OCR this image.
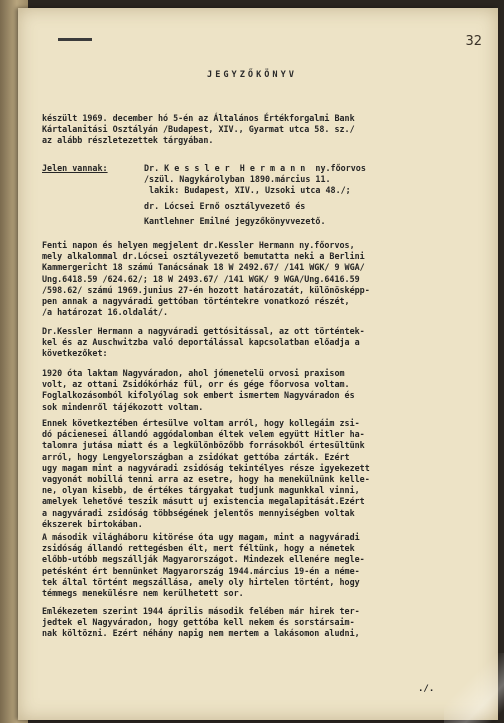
32
JEGYZŐKÖNYV
készült 1969. december hó 5-én az Általános Értékforgalmi Bank
Kártalanitási Osztályán /Budapest, XIV., Gyarmat utca 58. sz./
az alább részletezettek tárgyában.
Jelen vannak:	Dr. K e s s l e r  H e r m a n n  ny.főorvos
/szül. Nagykárolyban 1890.március 11.
lakik: Budapest, XIV., Uzsoki utca 48./;
dr. Lócsei Ernő osztályvezető és
Kantlehner Emilné jegyzőkönyvvezető.
Fenti napon és helyen megjelent dr.Kessler Hermann ny.főorvos,
mely alkalommal dr.Lócsei osztályvezető bemutatta neki a Berlini
Kammergericht 18 számú Tanácsának 18 W 2492.67/ /141 WGK/ 9 WGA/
Ung.6418.59 /624.62/; 18 W 2493.67/ /141 WGK/ 9 WGA/Ung.6416.59
/598.62/ számú 1969.junius 27-én hozott határozatát, különösképp-
pen annak a nagyváradi gettóban történtekre vonatkozó részét,
/a határozat 16.oldalát/.
Dr.Kessler Hermann a nagyváradi gettósitással, az ott történtek-
kel és az Auschwitzba való deportálással kapcsolatban előadja a
következőket:
1920 óta laktam Nagyváradon, ahol jómenetelü orvosi praxisom
volt, az ottani Zsidókórház fül, orr és gége főorvosa voltam.
Foglalkozásomból kifolyólag sok embert ismertem Nagyváradon és
sok mindenről tájékozott voltam.
Ennek következtében értesülve voltam arról, hogy kollegáim zsi-
dó pácienesei állandó aggódalomban éltek velem együtt Hitler ha-
talomra jutása miatt és a legkülönbözőbb forrásokból értesültünk
arról, hogy Lengyelországban a zsidókat gettóba zárták. Ezért
ugy magam mint a nagyváradi zsidóság tekintélyes része igyekezett
vagyonát mobillá tenni arra az esetre, hogy ha menekülnünk kelle-
ne, olyan kisebb, de értékes tárgyakat tudjunk magunkkal vinni,
amelyek lehetővé teszik másutt uj existencia megalapitását.Ezért
a nagyváradi zsidóság többségének jelentős mennyiségben voltak
ékszerek birtokában.
A második világháboru kitörése óta ugy magam, mint a nagyváradi
zsidóság állandó rettegésben élt, mert féltünk, hogy a németek
előbb-utóbb megszállják Magyarországot. Mindezek ellenére megle-
petésként ért bennünket Magyarország 1944.március 19-én a néme-
tek által történt megszállása, amely oly hirtelen történt, hogy
témmegs menekülésre nem kerülhetett sor.
Emlékezetem szerint 1944 április második felében már hirek ter-
jedtek el Nagyváradon, hogy gettóba kell nekem és sorstársaim-
nak költözni. Ezért néhány napig nem mertem a lakásomon aludni,
./.
